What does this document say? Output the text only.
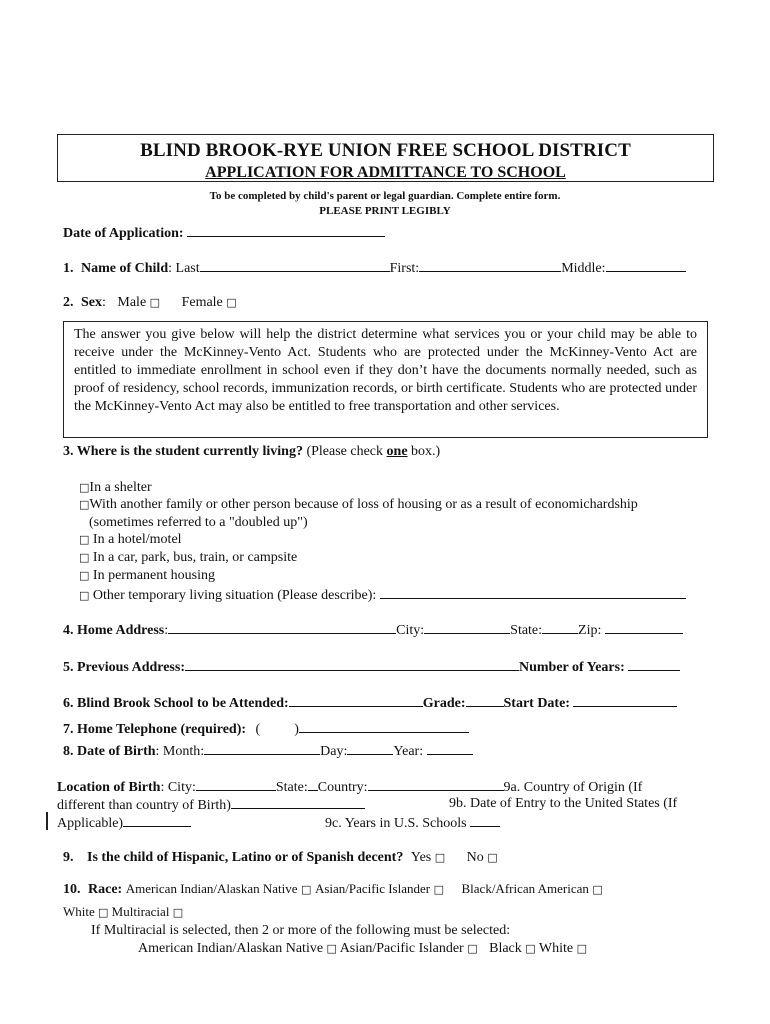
BLIND BROOK-RYE UNION FREE SCHOOL DISTRICT
APPLICATION FOR ADMITTANCE TO SCHOOL
To be completed by child's parent or legal guardian. Complete entire form.
PLEASE PRINT LEGIBLY
Date of Application:
1. Name of Child: Last	First:	Middle:
2. Sex: Male □ Female □
The answer you give below will help the district determine what services you or your child may be able to receive under the McKinney-Vento Act. Students who are protected under the McKinney-Vento Act are entitled to immediate enrollment in school even if they don’t have the documents normally needed, such as proof of residency, school records, immunization records, or birth certificate. Students who are protected under the McKinney-Vento Act may also be entitled to free transportation and other services.
3. Where is the student currently living? (Please check one box.)
□In a shelter
□With another family or other person because of loss of housing or as a result of economichardship
(sometimes referred to a "doubled up")
□ In a hotel/motel
□ In a car, park, bus, train, or campsite
□ In permanent housing
□ Other temporary living situation (Please describe):
4. Home Address:	City:	State:	Zip:
5. Previous Address:	Number of Years:
6. Blind Brook School to be Attended:	Grade:	Start Date:
7. Home Telephone (required): ( )
8. Date of Birth: Month:	Day:	Year:
Location of Birth: City:	State: Country:	9a. Country of Origin (If
different than country of Birth)	9b. Date of Entry to the United States (If
Applicable)	9c. Years in U.S. Schools
9. Is the child of Hispanic, Latino or of Spanish decent? Yes □ No □
10. Race: American Indian/Alaskan Native □ Asian/Pacific Islander □ Black/African American □
White □ Multiracial □
If Multiracial is selected, then 2 or more of the following must be selected:
American Indian/Alaskan Native □ Asian/Pacific Islander □ Black □ White □
